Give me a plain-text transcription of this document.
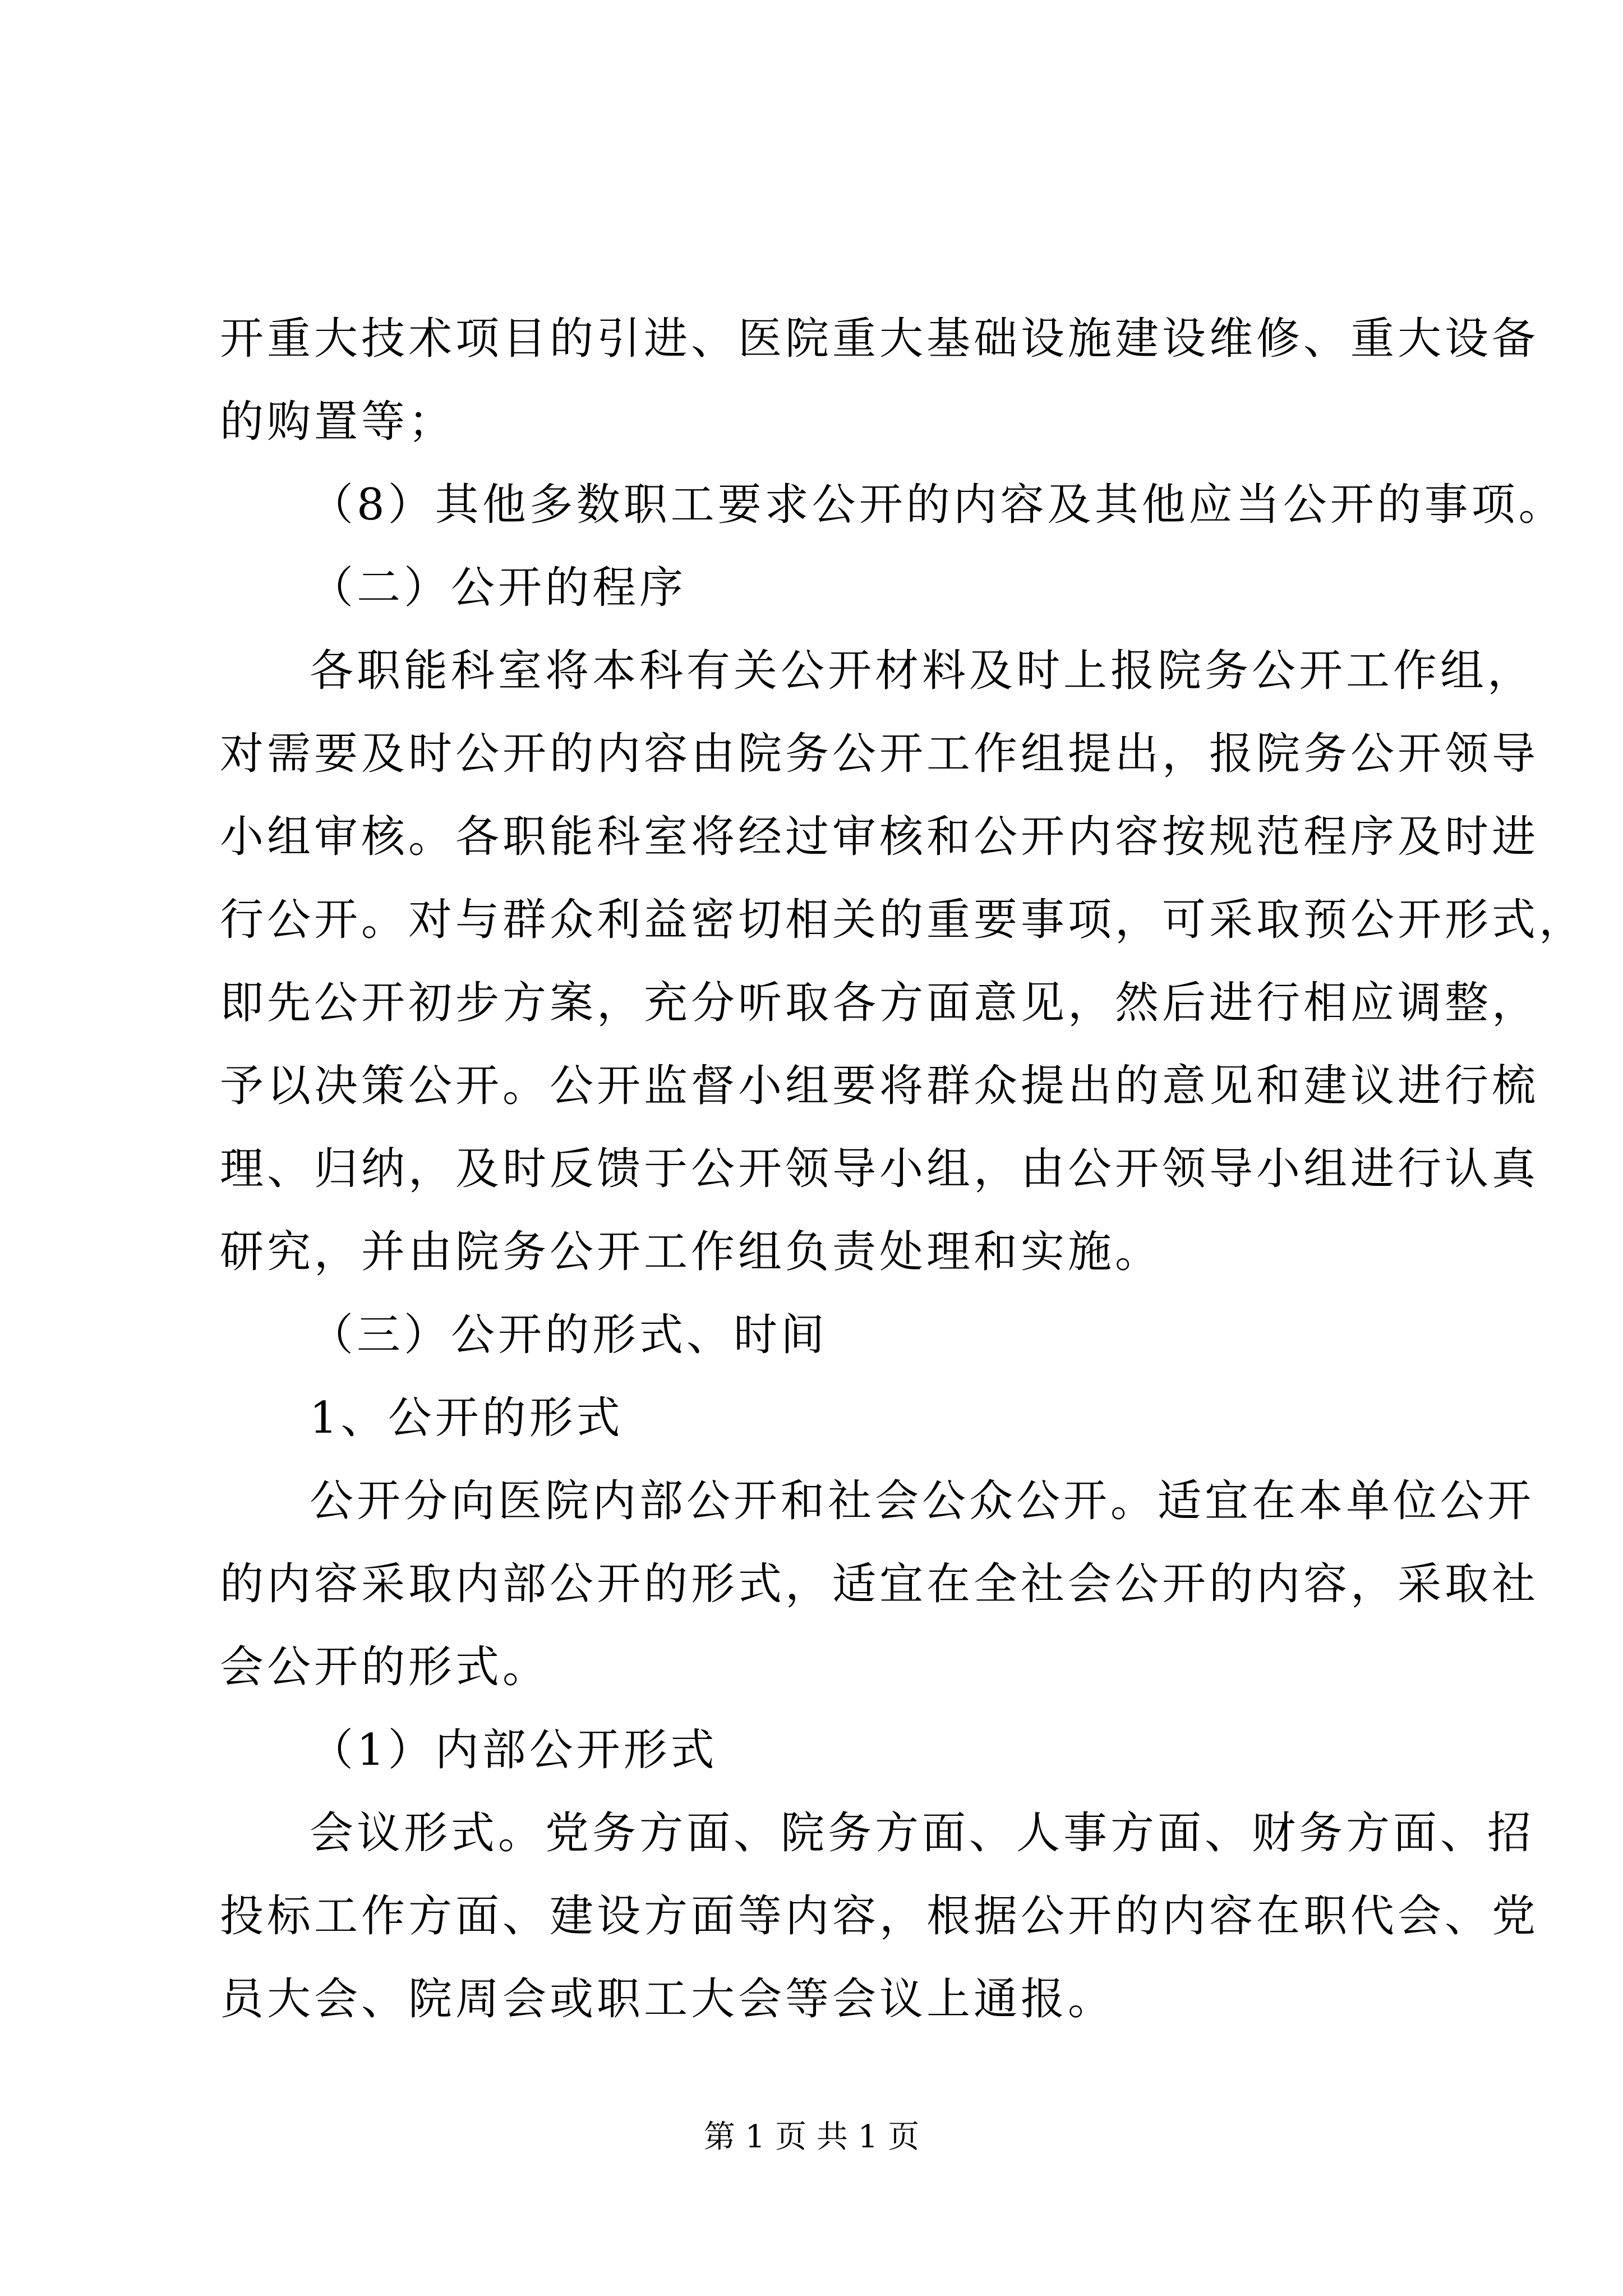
开重大技术项目的引进、医院重大基础设施建设维修、重大设备
的购置等；
（8）其他多数职工要求公开的内容及其他应当公开的事项。
（二）公开的程序
各职能科室将本科有关公开材料及时上报院务公开工作组，
对需要及时公开的内容由院务公开工作组提出，报院务公开领导
小组审核。各职能科室将经过审核和公开内容按规范程序及时进
行公开。对与群众利益密切相关的重要事项，可采取预公开形式，
即先公开初步方案，充分听取各方面意见，然后进行相应调整，
予以决策公开。公开监督小组要将群众提出的意见和建议进行梳
理、归纳，及时反馈于公开领导小组，由公开领导小组进行认真
研究，并由院务公开工作组负责处理和实施。
（三）公开的形式、时间
1、公开的形式
公开分向医院内部公开和社会公众公开。适宜在本单位公开
的内容采取内部公开的形式，适宜在全社会公开的内容，采取社
会公开的形式。
（1）内部公开形式
会议形式。党务方面、院务方面、人事方面、财务方面、招
投标工作方面、建设方面等内容，根据公开的内容在职代会、党
员大会、院周会或职工大会等会议上通报。
第 1 页 共 1 页
